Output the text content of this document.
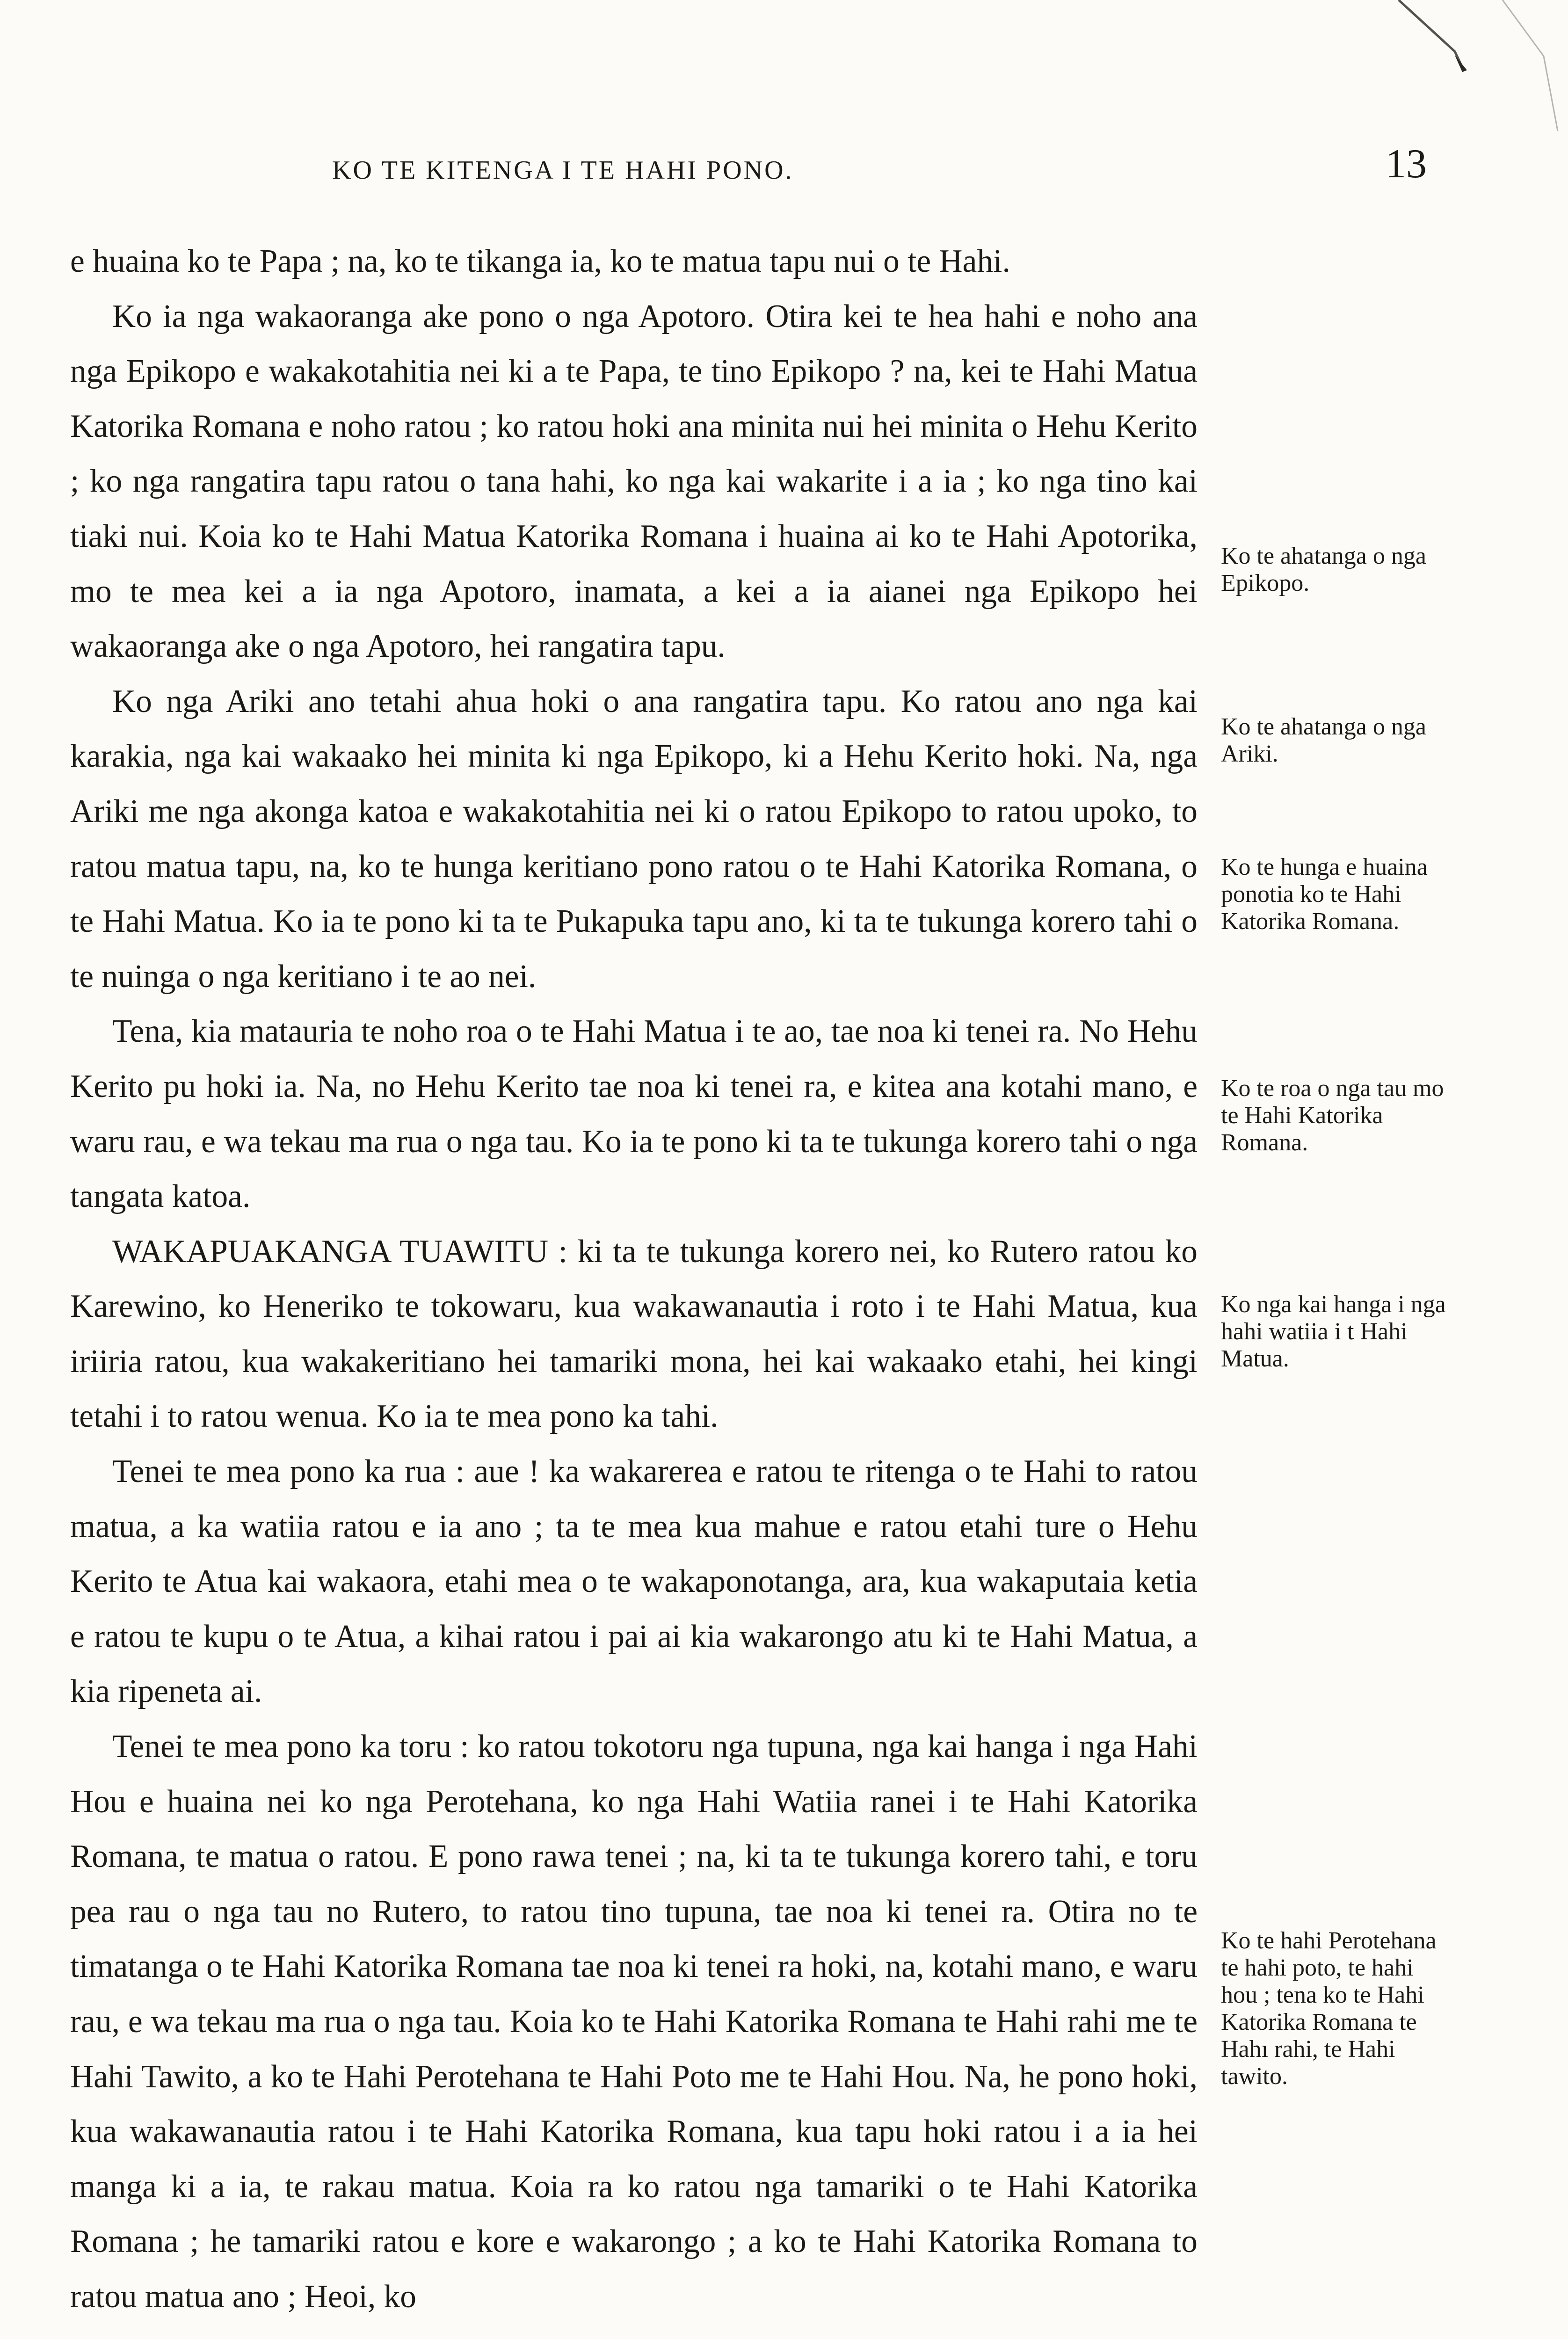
KO TE KITENGA I TE HAHI PONO.	13

e huaina ko te Papa ; na, ko te tikanga ia, ko te matua tapu nui o te Hahi.

Ko ia nga wakaoranga ake pono o nga Apotoro. Otira kei te hea hahi e noho ana nga Epikopo e wakakotahitia nei ki a te Papa, te tino Epikopo ? na, kei te Hahi Matua Katorika Romana e noho ratou ; ko ratou hoki ana minita nui hei minita o Hehu Kerito ; ko nga rangatira tapu ratou o tana hahi, ko nga kai wakarite i a ia ; ko nga tino kai tiaki nui. Koia ko te Hahi Matua Katorika Romana i huaina ai ko te Hahi Apotorika, mo te mea kei a ia nga Apotoro, inamata, a kei a ia aianei nga Epikopo hei wakaoranga ake o nga Apotoro, hei rangatira tapu.

Ko nga Ariki ano tetahi ahua hoki o ana rangatira tapu. Ko ratou ano nga kai karakia, nga kai wakaako hei minita ki nga Epikopo, ki a Hehu Kerito hoki. Na, nga Ariki me nga akonga katoa e wakakotahitia nei ki o ratou Epikopo to ratou upoko, to ratou matua tapu, na, ko te hunga keritiano pono ratou o te Hahi Katorika Romana, o te Hahi Matua. Ko ia te pono ki ta te Pukapuka tapu ano, ki ta te tukunga korero tahi o te nuinga o nga keritiano i te ao nei.

Tena, kia matauria te noho roa o te Hahi Matua i te ao, tae noa ki tenei ra. No Hehu Kerito pu hoki ia. Na, no Hehu Kerito tae noa ki tenei ra, e kitea ana kotahi mano, e waru rau, e wa tekau ma rua o nga tau. Ko ia te pono ki ta te tukunga korero tahi o nga tangata katoa.

WAKAPUAKANGA TUAWITU : ki ta te tukunga korero nei, ko Rutero ratou ko Karewino, ko Heneriko te tokowaru, kua wakawanautia i roto i te Hahi Matua, kua iriiria ratou, kua wakakeritiano hei tamariki mona, hei kai wakaako etahi, hei kingi tetahi i to ratou wenua. Ko ia te mea pono ka tahi.

Tenei te mea pono ka rua : aue ! ka wakarerea e ratou te ritenga o te Hahi to ratou matua, a ka watiia ratou e ia ano ; ta te mea kua mahue e ratou etahi ture o Hehu Kerito te Atua kai wakaora, etahi mea o te wakaponotanga, ara, kua wakaputaia ketia e ratou te kupu o te Atua, a kihai ratou i pai ai kia wakarongo atu ki te Hahi Matua, a kia ripeneta ai.

Tenei te mea pono ka toru : ko ratou tokotoru nga tupuna, nga kai hanga i nga Hahi Hou e huaina nei ko nga Perotehana, ko nga Hahi Watiia ranei i te Hahi Katorika Romana, te matua o ratou. E pono rawa tenei ; na, ki ta te tukunga korero tahi, e toru pea rau o nga tau no Rutero, to ratou tino tupuna, tae noa ki tenei ra. Otira no te timatanga o te Hahi Katorika Romana tae noa ki tenei ra hoki, na, kotahi mano, e waru rau, e wa tekau ma rua o nga tau. Koia ko te Hahi Katorika Romana te Hahi rahi me te Hahi Tawito, a ko te Hahi Perotehana te Hahi Poto me te Hahi Hou. Na, he pono hoki, kua wakawanautia ratou i te Hahi Katorika Romana, kua tapu hoki ratou i a ia hei manga ki a ia, te rakau matua. Koia ra ko ratou nga tamariki o te Hahi Katorika Romana ; he tamariki ratou e kore e wakarongo ; a ko te Hahi Katorika Romana to ratou matua ano ; Heoi, ko

Ko te ahatanga o nga Epikopo.
Ko te ahatanga o nga Ariki.
Ko te hunga e huaina ponotia ko te Hahi Katorika Romana.
Ko te roa o nga tau mo te Hahi Katorika Romana.
Ko nga kai hanga i nga hahi watiia i t Hahi Matua.
Ko te hahi Perotehana te hahi poto, te hahi hou ; tena ko te Hahi Katorika Romana te Hahı rahi, te Hahi tawito.
